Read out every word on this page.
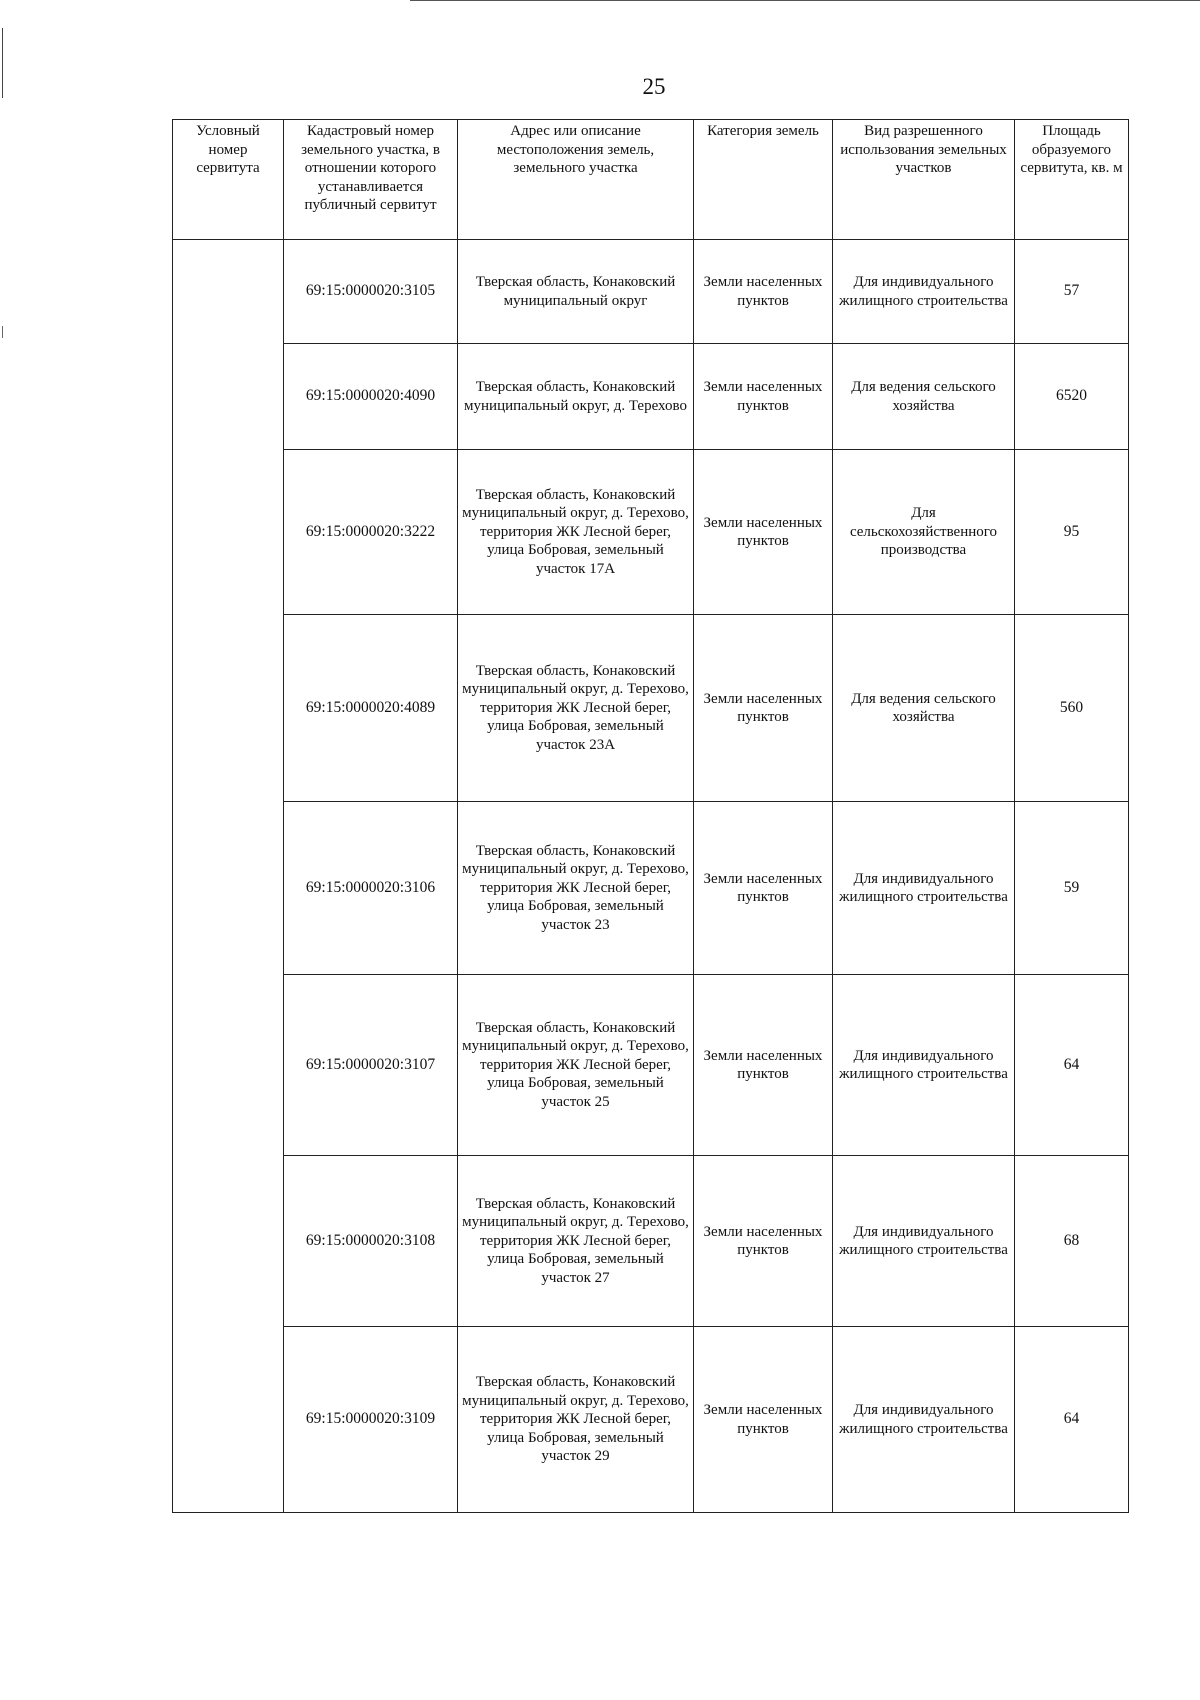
25
Условный номер сервитута	Кадастровый номер земельного участка, в отношении которого устанавливается публичный сервитут	Адрес или описание местоположения земель, земельного участка	Категория земель	Вид разрешенного использования земельных участков	Площадь образуемого сервитута, кв. м
	69:15:0000020:3105	Тверская область, Конаковский муниципальный округ	Земли населенных пунктов	Для индивидуального жилищного строительства	57
	69:15:0000020:4090	Тверская область, Конаковский муниципальный округ, д. Терехово	Земли населенных пунктов	Для ведения сельского хозяйства	6520
	69:15:0000020:3222	Тверская область, Конаковский муниципальный округ, д. Терехово, территория ЖК Лесной берег, улица Бобровая, земельный участок 17А	Земли населенных пунктов	Для сельскохозяйственного производства	95
	69:15:0000020:4089	Тверская область, Конаковский муниципальный округ, д. Терехово, территория ЖК Лесной берег, улица Бобровая, земельный участок 23А	Земли населенных пунктов	Для ведения сельского хозяйства	560
	69:15:0000020:3106	Тверская область, Конаковский муниципальный округ, д. Терехово, территория ЖК Лесной берег, улица Бобровая, земельный участок 23	Земли населенных пунктов	Для индивидуального жилищного строительства	59
	69:15:0000020:3107	Тверская область, Конаковский муниципальный округ, д. Терехово, территория ЖК Лесной берег, улица Бобровая, земельный участок 25	Земли населенных пунктов	Для индивидуального жилищного строительства	64
	69:15:0000020:3108	Тверская область, Конаковский муниципальный округ, д. Терехово, территория ЖК Лесной берег, улица Бобровая, земельный участок 27	Земли населенных пунктов	Для индивидуального жилищного строительства	68
	69:15:0000020:3109	Тверская область, Конаковский муниципальный округ, д. Терехово, территория ЖК Лесной берег, улица Бобровая, земельный участок 29	Земли населенных пунктов	Для индивидуального жилищного строительства	64
